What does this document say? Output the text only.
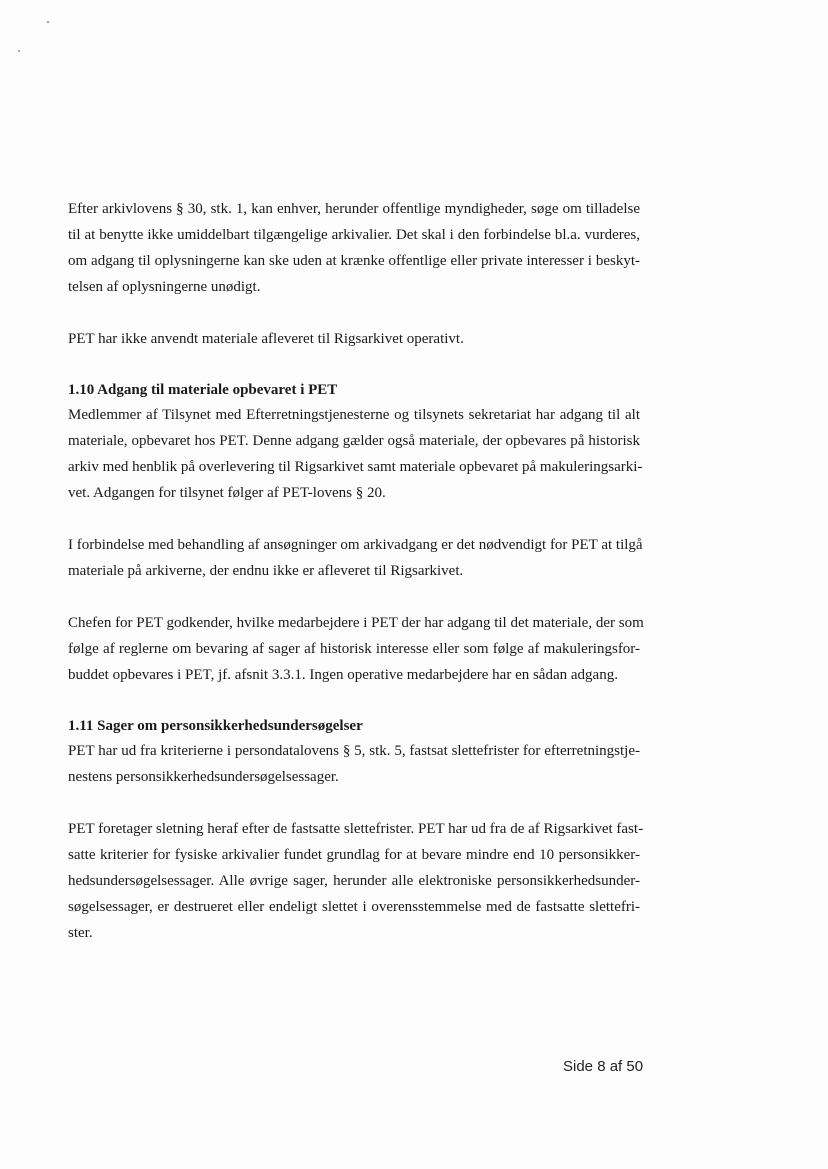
Efter arkivlovens § 30, stk. 1, kan enhver, herunder offentlige myndigheder, søge om tilladelse
til at benytte ikke umiddelbart tilgængelige arkivalier. Det skal i den forbindelse bl.a. vurderes,
om adgang til oplysningerne kan ske uden at krænke offentlige eller private interesser i beskyt-
telsen af oplysningerne unødigt.
PET har ikke anvendt materiale afleveret til Rigsarkivet operativt.
1.10 Adgang til materiale opbevaret i PET
Medlemmer af Tilsynet med Efterretningstjenesterne og tilsynets sekretariat har adgang til alt
materiale, opbevaret hos PET. Denne adgang gælder også materiale, der opbevares på historisk
arkiv med henblik på overlevering til Rigsarkivet samt materiale opbevaret på makuleringsarki-
vet. Adgangen for tilsynet følger af PET-lovens § 20.
I forbindelse med behandling af ansøgninger om arkivadgang er det nødvendigt for PET at tilgå
materiale på arkiverne, der endnu ikke er afleveret til Rigsarkivet.
Chefen for PET godkender, hvilke medarbejdere i PET der har adgang til det materiale, der som
følge af reglerne om bevaring af sager af historisk interesse eller som følge af makuleringsfor-
buddet opbevares i PET, jf. afsnit 3.3.1. Ingen operative medarbejdere har en sådan adgang.
1.11 Sager om personsikkerhedsundersøgelser
PET har ud fra kriterierne i persondatalovens § 5, stk. 5, fastsat slettefrister for efterretningstje-
nestens personsikkerhedsundersøgelsessager.
PET foretager sletning heraf efter de fastsatte slettefrister. PET har ud fra de af Rigsarkivet fast-
satte kriterier for fysiske arkivalier fundet grundlag for at bevare mindre end 10 personsikker-
hedsundersøgelsessager. Alle øvrige sager, herunder alle elektroniske personsikkerhedsunder-
søgelsessager, er destrueret eller endeligt slettet i overensstemmelse med de fastsatte slettefri-
ster.
Side 8 af 50
